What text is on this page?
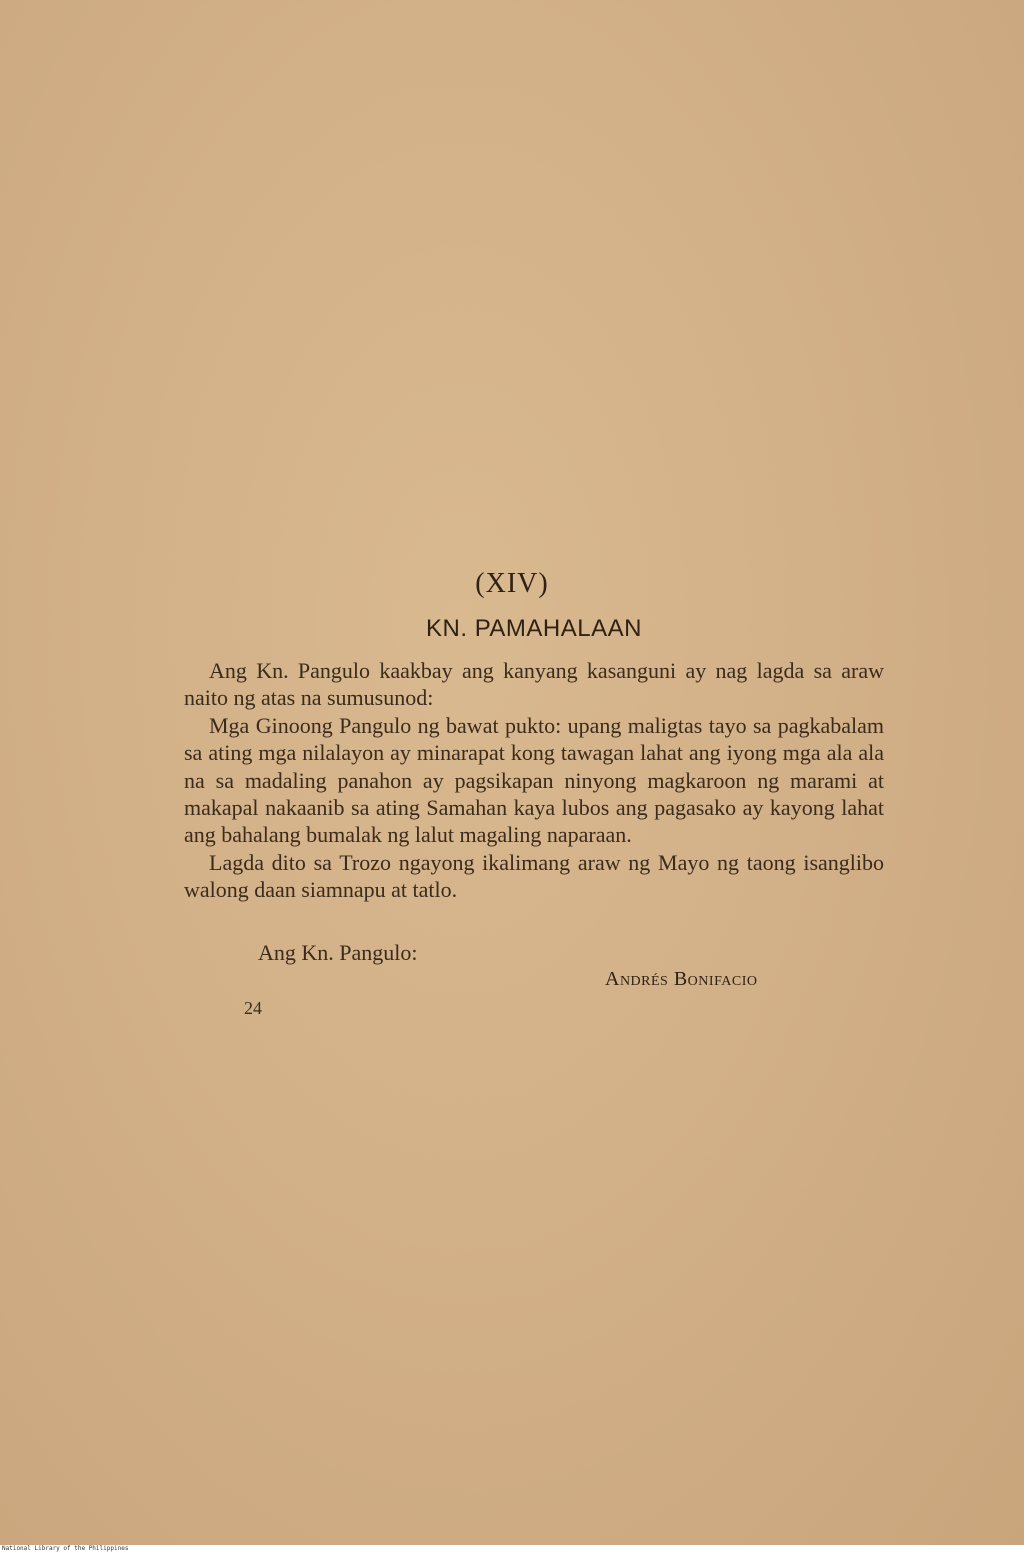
(XIV)
KN. PAMAHALAAN

Ang Kn. Pangulo kaakbay ang kanyang kasanguni ay nag lagda sa araw naito ng atas na sumusunod:

Mga Ginoong Pangulo ng bawat pukto: upang maligtas tayo sa pagkabalam sa ating mga nilalayon ay minarapat kong tawagan lahat ang iyong mga ala ala na sa madaling panahon ay pagsikapan ninyong magkaroon ng marami at makapal nakaanib sa ating Samahan kaya lubos ang pagasako ay kayong lahat ang bahalang bumalak ng lalut magaling naparaan.

Lagda dito sa Trozo ngayong ikalimang araw ng Mayo ng taong isanglibo walong daan siamnapu at tatlo.

Ang Kn. Pangulo:
Andrés Bonifacio
24
National Library of the Philippines
